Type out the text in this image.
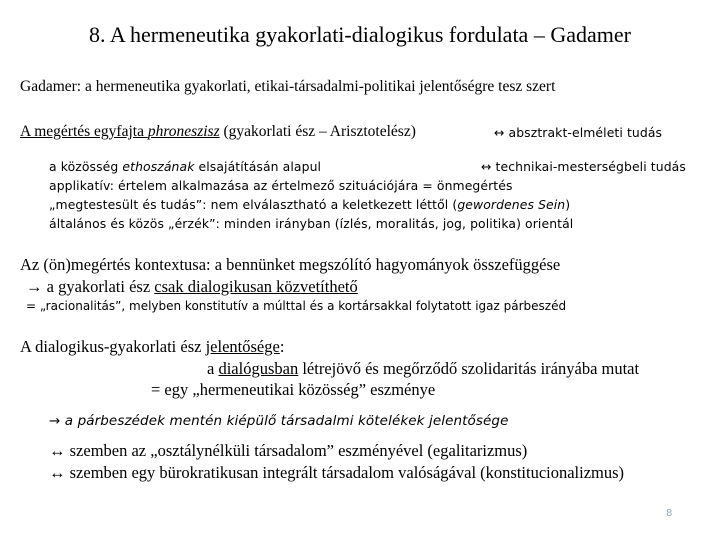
8. A hermeneutika gyakorlati-dialogikus fordulata – Gadamer
Gadamer: a hermeneutika gyakorlati, etikai-társadalmi-politikai jelentőségre tesz szert
A megértés egyfajta phroneszisz (gyakorlati ész – Arisztotelész)	↔ absztrakt-elméleti tudás
a közösség ethoszának elsajátításán alapul	↔ technikai-mesterségbeli tudás
applikatív: értelem alkalmazása az értelmező szituációjára = önmegértés
„megtestesült és tudás”: nem elválasztható a keletkezett léttől (gewordenes Sein)
általános és közös „érzék”: minden irányban (ízlés, moralitás, jog, politika) orientál
Az (ön)megértés kontextusa: a bennünket megszólító hagyományok összefüggése
→ a gyakorlati ész csak dialogikusan közvetíthető
= „racionalitás”, melyben konstitutív a múlttal és a kortársakkal folytatott igaz párbeszéd
A dialogikus-gyakorlati ész jelentősége:
a dialógusban létrejövő és megőrződő szolidaritás irányába mutat
= egy „hermeneutikai közösség” eszménye
→ a párbeszédek mentén kiépülő társadalmi kötelékek jelentősége
↔ szemben az „osztálynélküli társadalom” eszményével (egalitarizmus)
↔ szemben egy bürokratikusan integrált társadalom valóságával (konstitucionalizmus)
8
